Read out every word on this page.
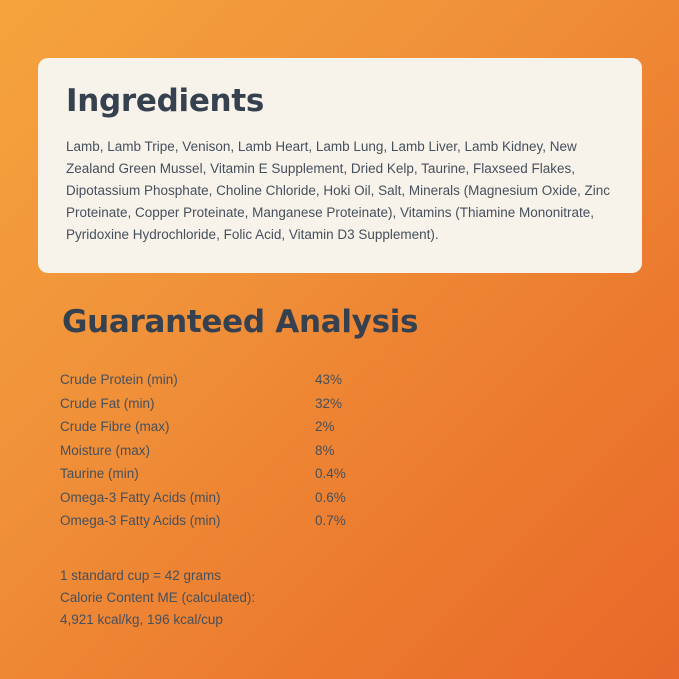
Ingredients

Lamb, Lamb Tripe, Venison, Lamb Heart, Lamb Lung, Lamb Liver, Lamb Kidney, New Zealand Green Mussel, Vitamin E Supplement, Dried Kelp, Taurine, Flaxseed Flakes, Dipotassium Phosphate, Choline Chloride, Hoki Oil, Salt, Minerals (Magnesium Oxide, Zinc Proteinate, Copper Proteinate, Manganese Proteinate), Vitamins (Thiamine Mononitrate, Pyridoxine Hydrochloride, Folic Acid, Vitamin D3 Supplement).

Guaranteed Analysis
Crude Protein (min)	43%
Crude Fat (min)	32%
Crude Fibre (max)	2%
Moisture (max)	8%
Taurine (min)	0.4%
Omega-3 Fatty Acids (min)	0.6%
Omega-3 Fatty Acids (min)	0.7%
1 standard cup = 42 grams
Calorie Content ME (calculated):
4,921 kcal/kg, 196 kcal/cup
